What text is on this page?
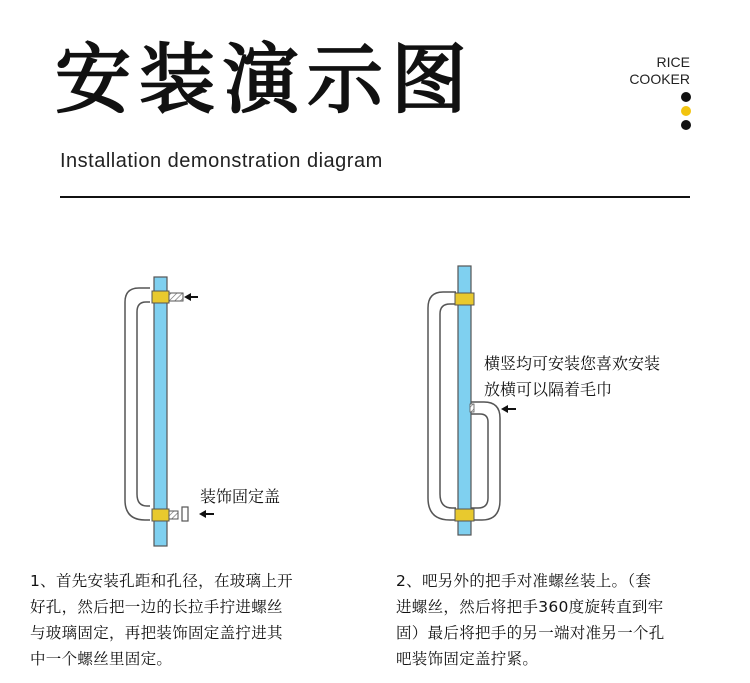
安装演示图
Installation demonstration diagram
RICE
COOKER
装饰固定盖
横竖均可安装您喜欢安装
放横可以隔着毛巾
1、首先安装孔距和孔径，在玻璃上开
好孔，然后把一边的长拉手拧进螺丝
与玻璃固定，再把装饰固定盖拧进其
中一个螺丝里固定。
2、吧另外的把手对准螺丝装上。（套
进螺丝，然后将把手360度旋转直到牢
固）最后将把手的另一端对准另一个孔
吧装饰固定盖拧紧。
